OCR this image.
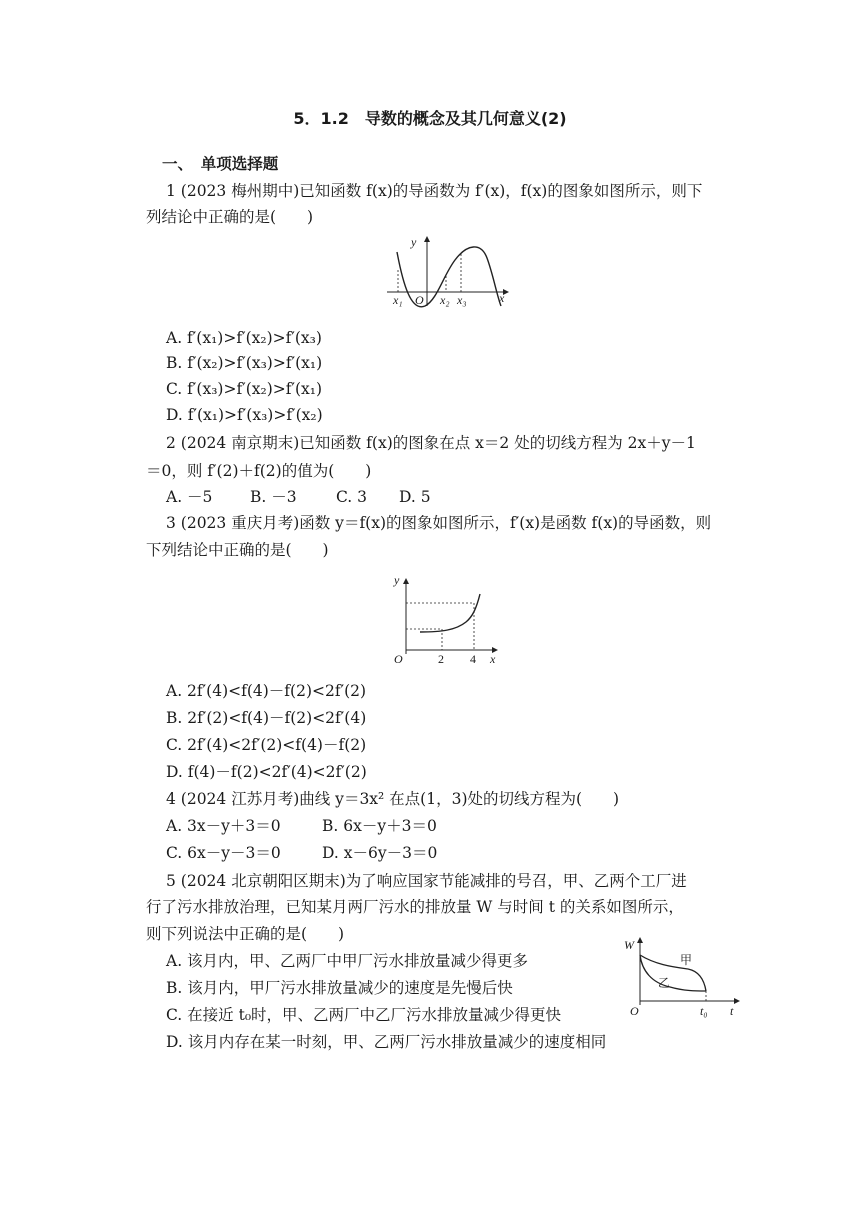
5．1.2　导数的概念及其几何意义(2)
一、　单项选择题
1 (2023 梅州期中)已知函数 f(x)的导函数为 f′(x)，f(x)的图象如图所示，则下
列结论中正确的是(　　)
y
x
O
x₁	x₂ x₃
A. f′(x₁)>f′(x₂)>f′(x₃)
B. f′(x₂)>f′(x₃)>f′(x₁)
C. f′(x₃)>f′(x₂)>f′(x₁)
D. f′(x₁)>f′(x₃)>f′(x₂)
2 (2024 南京期末)已知函数 f(x)的图象在点 x＝2 处的切线方程为 2x＋y－1
＝0，则 f′(2)＋f(2)的值为(　　)
A. －5 B. －3	C. 3 D. 5
3 (2023 重庆月考)函数 y＝f(x)的图象如图所示，f′(x)是函数 f(x)的导函数，则
下列结论中正确的是(　　)
y
x
O	2 4
A. 2f′(4)<f(4)－f(2)<2f′(2)
B. 2f′(2)<f(4)－f(2)<2f′(4)
C. 2f′(4)<2f′(2)<f(4)－f(2)
D. f(4)－f(2)<2f′(4)<2f′(2)
4 (2024 江苏月考)曲线 y＝3x² 在点(1，3)处的切线方程为(　　)
A. 3x－y＋3＝0	B. 6x－y＋3＝0
C. 6x－y－3＝0	D. x－6y－3＝0
5 (2024 北京朝阳区期末)为了响应国家节能减排的号召，甲、乙两个工厂进
行了污水排放治理，已知某月两厂污水的排放量 W 与时间 t 的关系如图所示，
则下列说法中正确的是(　　)
W
t
O	t₀
甲
乙
A. 该月内，甲、乙两厂中甲厂污水排放量减少得更多
B. 该月内，甲厂污水排放量减少的速度是先慢后快
C. 在接近 t₀时，甲、乙两厂中乙厂污水排放量减少得更快
D. 该月内存在某一时刻，甲、乙两厂污水排放量减少的速度相同
